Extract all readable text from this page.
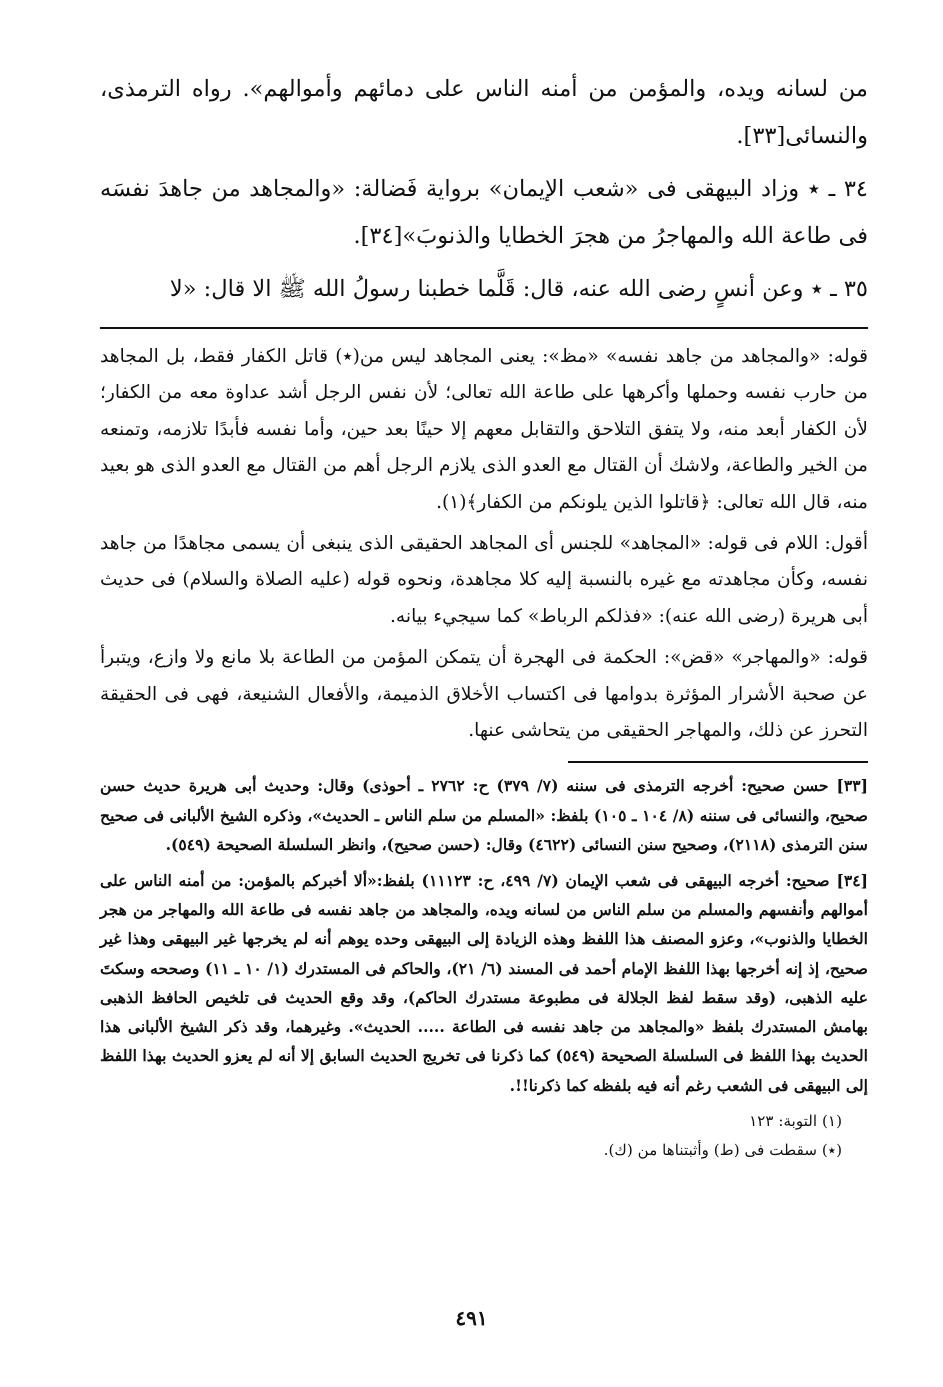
من لسانه ويده، والمؤمن من أمنه الناس على دمائهم وأموالهم». رواه الترمذى، والنسائى[٣٣].

٣٤ ـ ٭ وزاد البيهقى فى «شعب الإيمان» برواية فَضالة: «والمجاهد من جاهدَ نفسَه فى طاعة الله والمهاجرُ من هجرَ الخطايا والذنوبَ»[٣٤].

٣٥ ـ ٭ وعن أنسٍ رضى الله عنه، قال: قَلَّما خطبنا رسولُ الله ﷺ الا قال: «لا

قوله: «والمجاهد من جاهد نفسه» «مظ»: يعنى المجاهد ليس من(٭) قاتل الكفار فقط، بل المجاهد من حارب نفسه وحملها وأكرهها على طاعة الله تعالى؛ لأن نفس الرجل أشد عداوة معه من الكفار؛ لأن الكفار أبعد منه، ولا يتفق التلاحق والتقابل معهم إلا حينًا بعد حين، وأما نفسه فأبدًا تلازمه، وتمنعه من الخير والطاعة، ولاشك أن القتال مع العدو الذى يلازم الرجل أهم من القتال مع العدو الذى هو بعيد منه، قال الله تعالى: ﴿قاتلوا الذين يلونكم من الكفار﴾(١).

أقول: اللام فى قوله: «المجاهد» للجنس أى المجاهد الحقيقى الذى ينبغى أن يسمى مجاهدًا من جاهد نفسه، وكأن مجاهدته مع غيره بالنسبة إليه كلا مجاهدة، ونحوه قوله (عليه الصلاة والسلام) فى حديث أبى هريرة (رضى الله عنه): «فذلكم الرباط» كما سيجيء بيانه.

قوله: «والمهاجر» «قض»: الحكمة فى الهجرة أن يتمكن المؤمن من الطاعة بلا مانع ولا وازع، ويتبرأ عن صحبة الأشرار المؤثرة بدوامها فى اكتساب الأخلاق الذميمة، والأفعال الشنيعة، فهى فى الحقيقة التحرز عن ذلك، والمهاجر الحقيقى من يتحاشى عنها.

[٣٣] حسن صحيح: أخرجه الترمذى فى سننه (٧/ ٣٧٩) ح: ٢٧٦٢ ـ أحوذى) وقال: وحديث أبى هريرة حديث حسن صحيح، والنسائى فى سننه (٨/ ١٠٤ ـ ١٠٥) بلفظ: «المسلم من سلم الناس ـ الحديث»، وذكره الشيخ الألبانى فى صحيح سنن الترمذى (٢١١٨)، وصحيح سنن النسائى (٤٦٢٢) وقال: (حسن صحيح)، وانظر السلسلة الصحيحة (٥٤٩).

[٣٤] صحيح: أخرجه البيهقى فى شعب الإيمان (٧/ ٤٩٩، ح: ١١١٢٣) بلفظ:«ألا أخبركم بالمؤمن: من أمنه الناس على أموالهم وأنفسهم والمسلم من سلم الناس من لسانه ويده، والمجاهد من جاهد نفسه فى طاعة الله والمهاجر من هجر الخطايا والذنوب»، وعزو المصنف هذا اللفظ وهذه الزيادة إلى البيهقى وحده يوهم أنه لم يخرجها غير البيهقى وهذا غير صحيح، إذ إنه أخرجها بهذا اللفظ الإمام أحمد فى المسند (٦/ ٢١)، والحاكم فى المستدرك (١/ ١٠ ـ ١١) وصححه وسكتَ عليه الذهبى، (وقد سقط لفظ الجلالة فى مطبوعة مستدرك الحاكم)، وقد وقع الحديث فى تلخيص الحافظ الذهبى بهامش المستدرك بلفظ «والمجاهد من جاهد نفسه فى الطاعة ..... الحديث». وغيرهما، وقد ذكر الشيخ الألبانى هذا الحديث بهذا اللفظ فى السلسلة الصحيحة (٥٤٩) كما ذكرنا فى تخريج الحديث السابق إلا أنه لم يعزو الحديث بهذا اللفظ إلى البيهقى فى الشعب رغم أنه فيه بلفظه كما ذكرنا!!.

(١) التوبة: ١٢٣
(٭) سقطت فى (ط) وأثبتناها من (ك).
٤٩١
